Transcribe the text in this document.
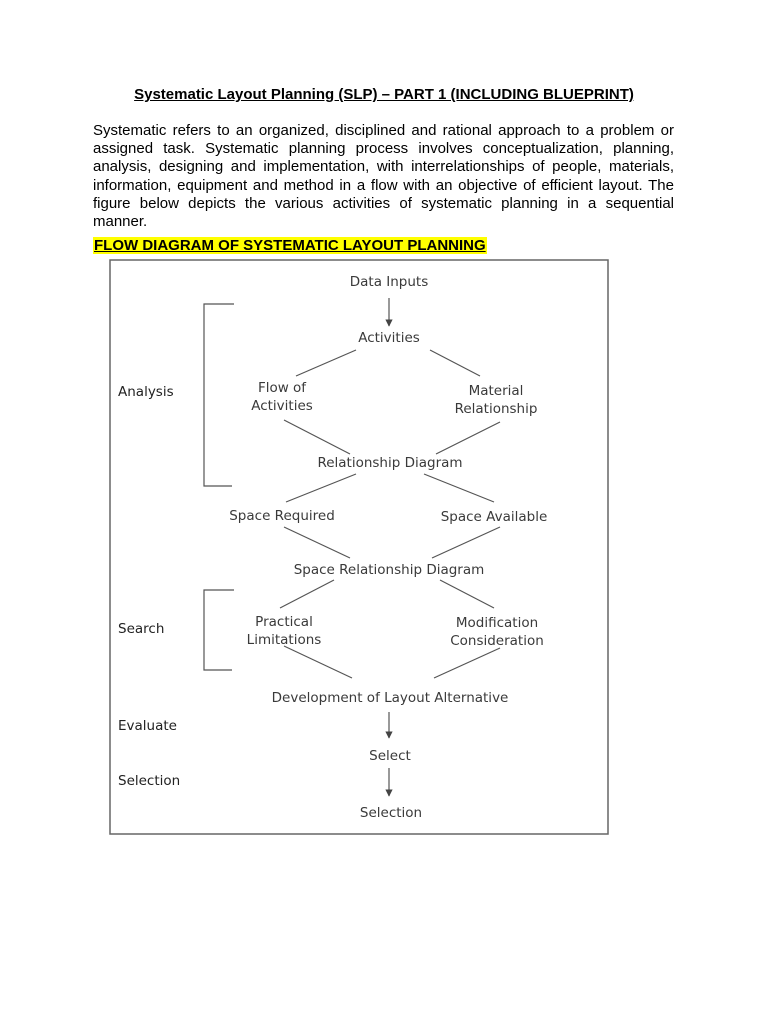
Systematic Layout Planning (SLP) – PART 1 (INCLUDING BLUEPRINT)

Systematic refers to an organized, disciplined and rational approach to a problem or assigned task. Systematic planning process involves conceptualization, planning, analysis, designing and implementation, with interrelationships of people, materials, information, equipment and method in a flow with an objective of efficient layout. The figure below depicts the various activities of systematic planning in a sequential manner.

FLOW DIAGRAM OF SYSTEMATIC LAYOUT PLANNING
Data Inputs
Activities
Flow of
Activities
Material
Relationship
Relationship Diagram
Space Required	Space Available
Space Relationship Diagram
Practical
Limitations
Modification
Consideration
Development of Layout Alternative
Select
Selection
Analysis
Search
Evaluate
Selection
